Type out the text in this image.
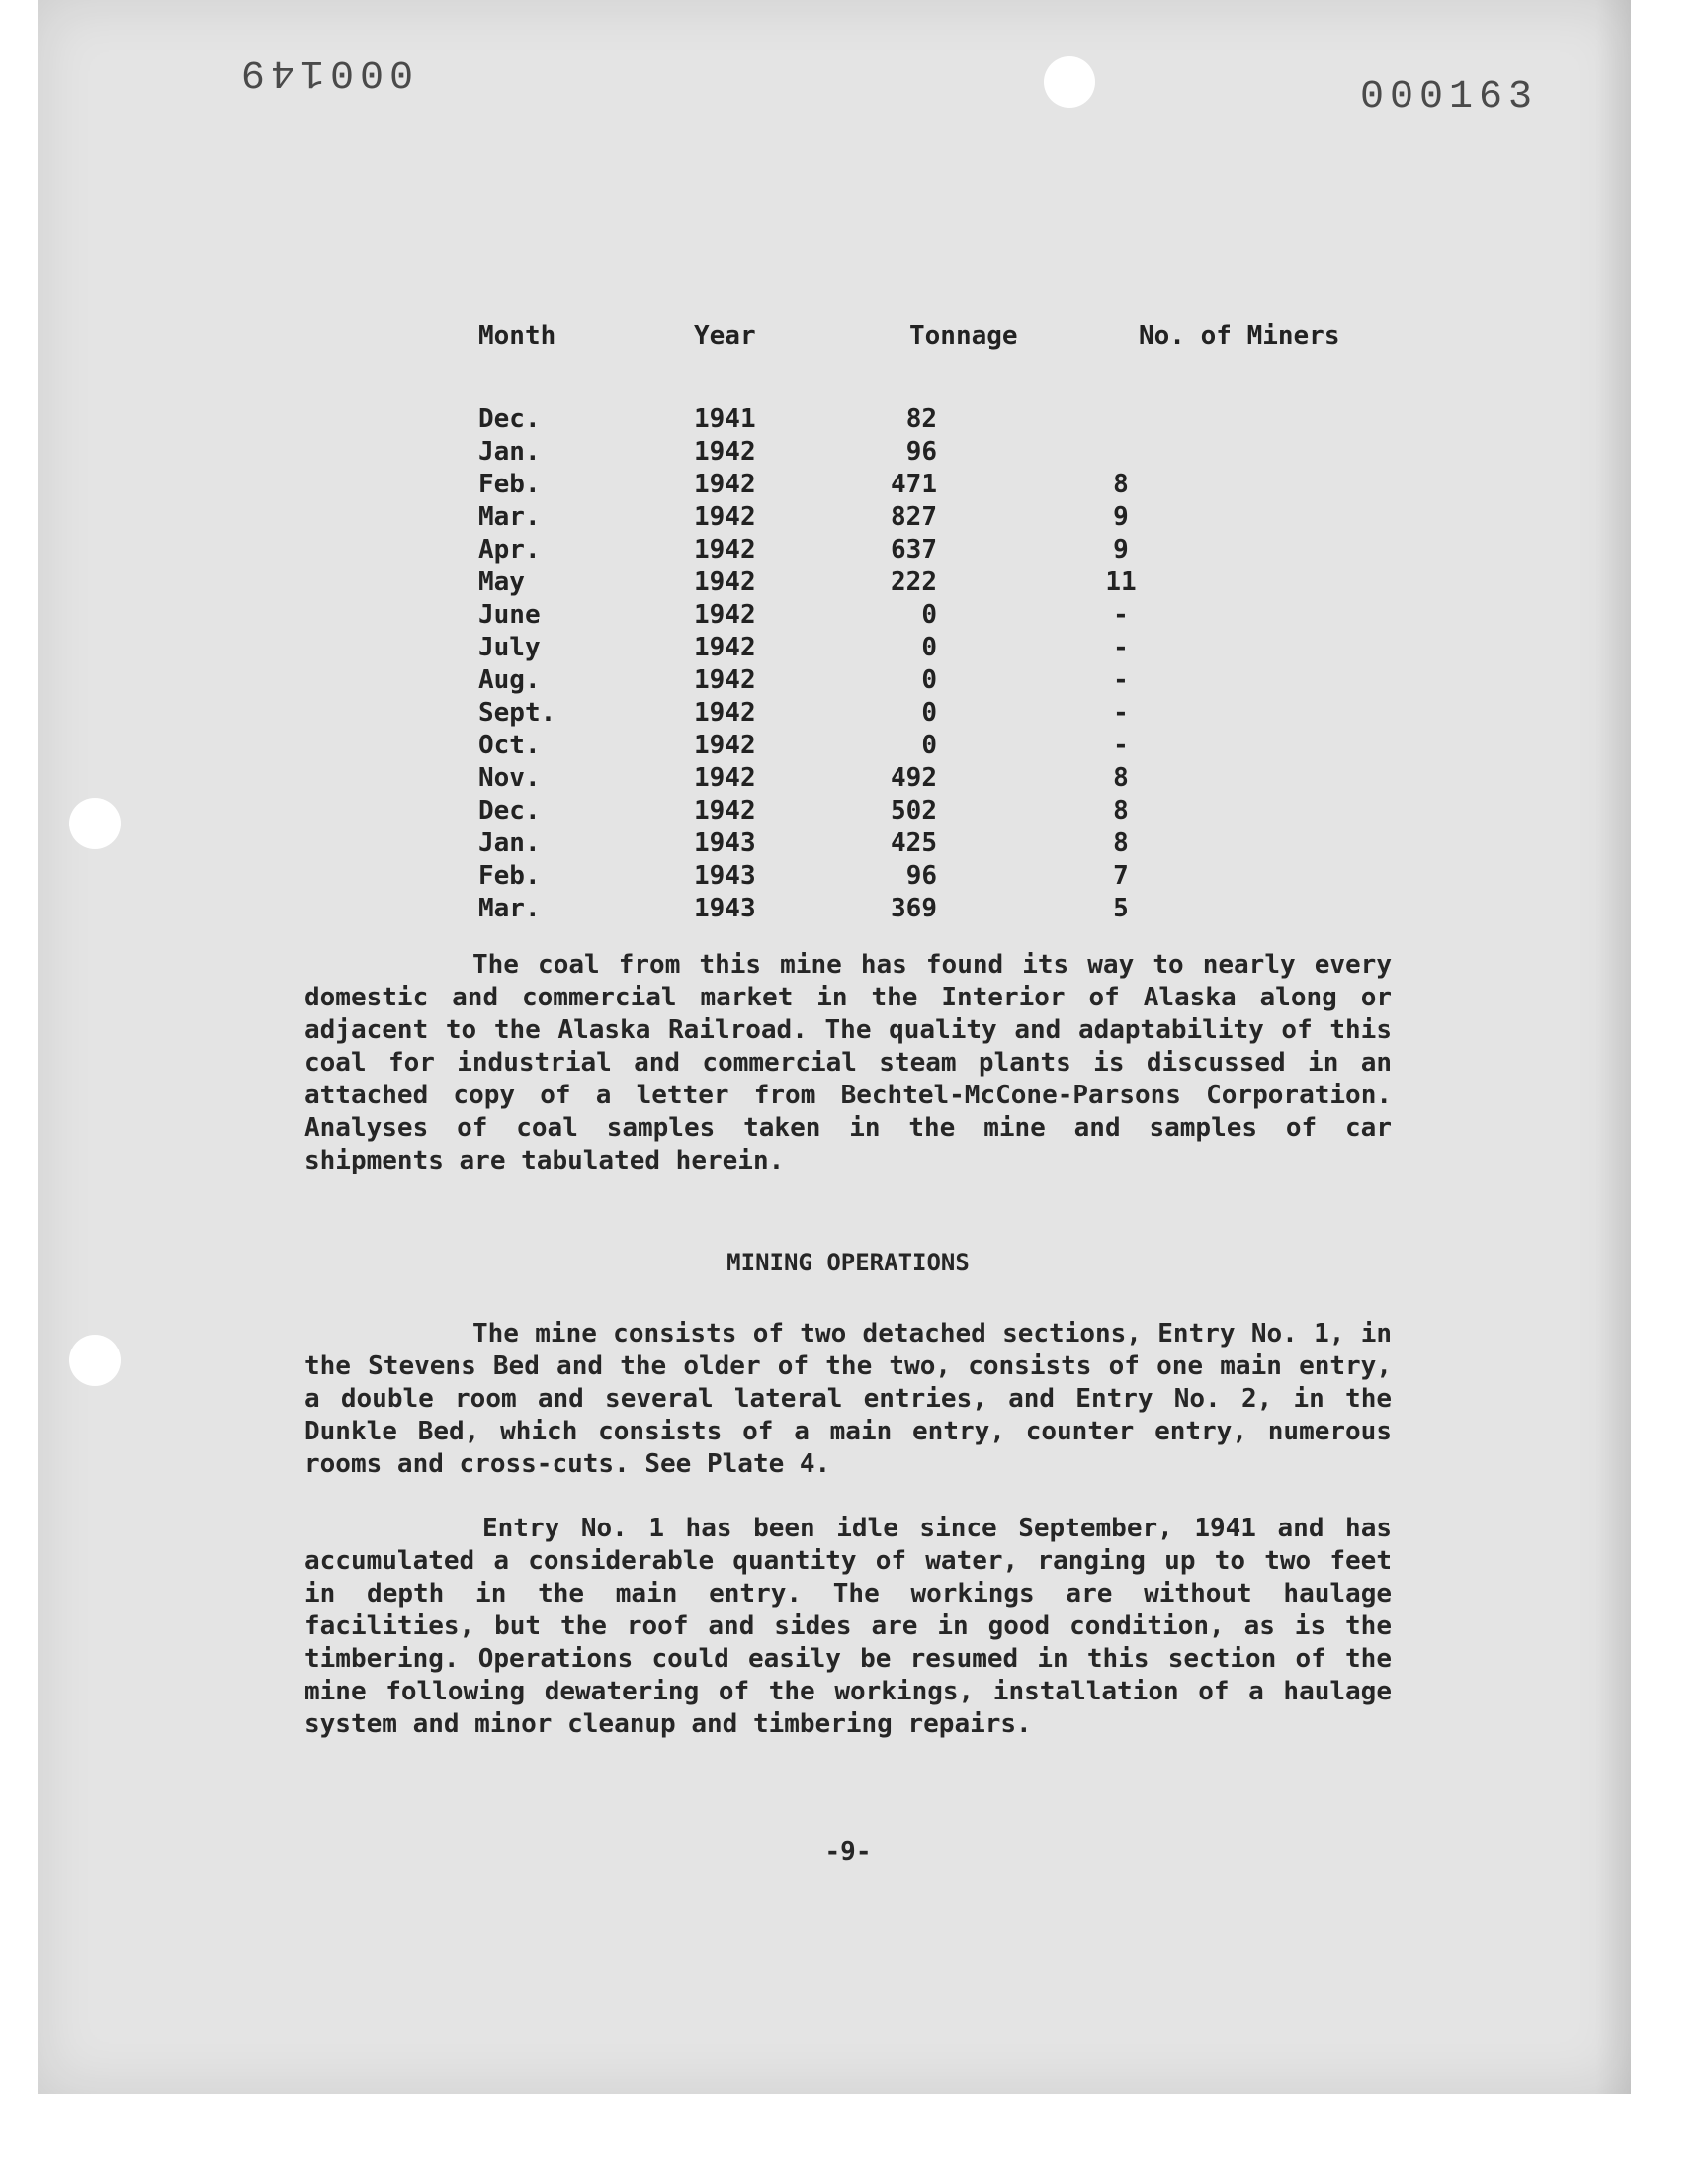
000149
000163
Month	Year	Tonnage	No. of Miners
Dec.	1941	82
Jan.	1942	96
Feb.	1942	471	8
Mar.	1942	827	9
Apr.	1942	637	9
May	1942	222	11
June	1942	0	-
July	1942	0	-
Aug.	1942	0	-
Sept.	1942	0	-
Oct.	1942	0	-
Nov.	1942	492	8
Dec.	1942	502	8
Jan.	1943	425	8
Feb.	1943	96	7
Mar.	1943	369	5

The coal from this mine has found its way to nearly every domestic and commercial market in the Interior of Alaska along or adjacent to the Alaska Railroad. The quality and adaptability of this coal for industrial and commercial steam plants is discussed in an attached copy of a letter from Bechtel-McCone-Parsons Corporation. Analyses of coal samples taken in the mine and samples of car shipments are tabulated herein.

MINING OPERATIONS

The mine consists of two detached sections, Entry No. 1, in the Stevens Bed and the older of the two, consists of one main entry, a double room and several lateral entries, and Entry No. 2, in the Dunkle Bed, which consists of a main entry, counter entry, numerous rooms and cross-cuts. See Plate 4.

Entry No. 1 has been idle since September, 1941 and has accumulated a considerable quantity of water, ranging up to two feet in depth in the main entry. The workings are without haulage facilities, but the roof and sides are in good condition, as is the timbering. Operations could easily be resumed in this section of the mine following dewatering of the workings, installation of a haulage system and minor cleanup and timbering repairs.

-9-
